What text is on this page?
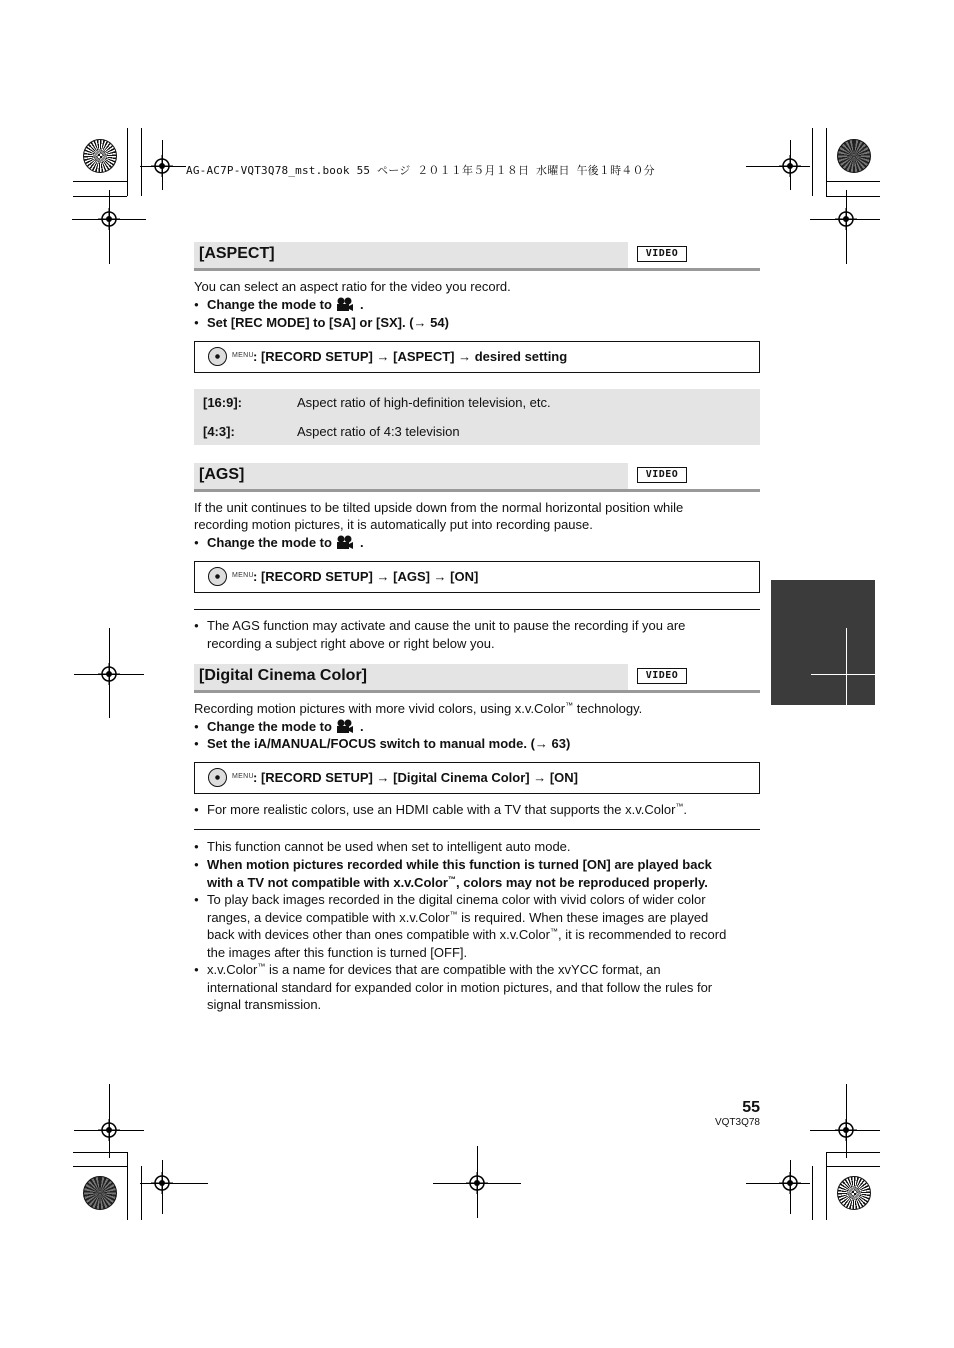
AG-AC7P-VQT3Q78_mst.book 55 ページ ２０１１年５月１８日 水曜日 午後１時４０分
[ASPECT]	VIDEO
You can select an aspect ratio for the video you record.
● Change the mode to .
● Set [REC MODE] to [SA] or [SX]. (→ 54)
MENU : [RECORD SETUP] → [ASPECT] → desired setting
[16:9]:	Aspect ratio of high-definition television, etc.
[4:3]:	Aspect ratio of 4:3 television
[AGS]	VIDEO
If the unit continues to be tilted upside down from the normal horizontal position while
recording motion pictures, it is automatically put into recording pause.
● Change the mode to .
MENU : [RECORD SETUP] → [AGS] → [ON]
● The AGS function may activate and cause the unit to pause the recording if you are
recording a subject right above or right below you.
[Digital Cinema Color]	VIDEO
Recording motion pictures with more vivid colors, using x.v.Color™ technology.
● Change the mode to .
● Set the iA/MANUAL/FOCUS switch to manual mode. (→ 63)
MENU : [RECORD SETUP] → [Digital Cinema Color] → [ON]
● For more realistic colors, use an HDMI cable with a TV that supports the x.v.Color™.
● This function cannot be used when set to intelligent auto mode.
● When motion pictures recorded while this function is turned [ON] are played back
with a TV not compatible with x.v.Color™, colors may not be reproduced properly.
● To play back images recorded in the digital cinema color with vivid colors of wider color
ranges, a device compatible with x.v.Color™ is required. When these images are played
back with devices other than ones compatible with x.v.Color™, it is recommended to record
the images after this function is turned [OFF].
● x.v.Color™ is a name for devices that are compatible with the xvYCC format, an
international standard for expanded color in motion pictures, and that follow the rules for
signal transmission.
55
VQT3Q78
